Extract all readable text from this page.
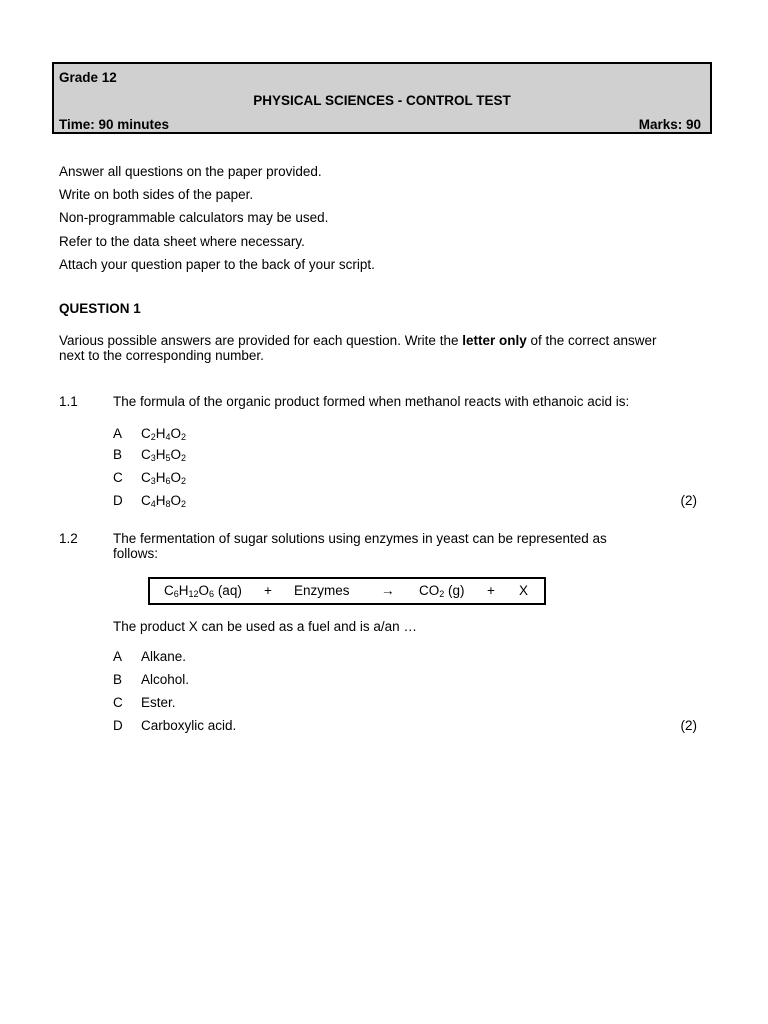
Grade 12
PHYSICAL SCIENCES - CONTROL TEST
Time: 90 minutes	Marks: 90
Answer all questions on the paper provided.
Write on both sides of the paper.
Non-programmable calculators may be used.
Refer to the data sheet where necessary.
Attach your question paper to the back of your script.
QUESTION 1
Various possible answers are provided for each question. Write the letter only of the correct answer next to the corresponding number.
1.1	The formula of the organic product formed when methanol reacts with ethanoic acid is:
A $C_2H_4O_2$
B $C_3H_5O_2$
C $C_3H_6O_2$
D $C_4H_8O_2$	(2)
1.2	The fermentation of sugar solutions using enzymes in yeast can be represented as follows:
$C_6H_{12}O_6$ (aq) + Enzymes → $CO_2$ (g) + X
The product X can be used as a fuel and is a/an …
A Alkane.
B Alcohol.
C Ester.
D Carboxylic acid.	(2)
